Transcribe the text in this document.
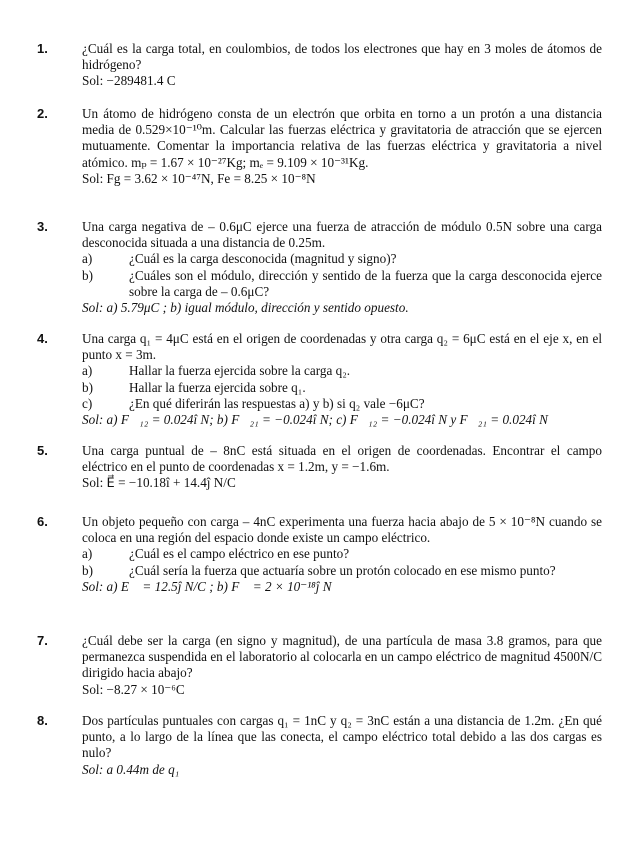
1.	¿Cuál es la carga total, en coulombios, de todos los electrones que hay en 3 moles de átomos de hidrógeno?

Sol: −289481.4 C

2.	Un átomo de hidrógeno consta de un electrón que orbita en torno a un protón a una distancia media de 0.529×10⁻¹⁰m. Calcular las fuerzas eléctrica y gravitatoria de atracción que se ejercen mutuamente. Comentar la importancia relativa de las fuerzas eléctrica y gravitatoria a nivel atómico. mₚ = 1.67 × 10⁻²⁷Kg; mₑ = 9.109 × 10⁻³¹Kg.

Sol: Fg = 3.62 × 10⁻⁴⁷N, Fe = 8.25 × 10⁻⁸N

3.	Una carga negativa de – 0.6μC ejerce una fuerza de atracción de módulo 0.5N sobre una carga desconocida situada a una distancia de 0.25m.

a)	¿Cuál es la carga desconocida (magnitud y signo)?
b)	¿Cuáles son el módulo, dirección y sentido de la fuerza que la carga desconocida ejerce sobre la carga de – 0.6μC?

Sol: a) 5.79μC ; b) igual módulo, dirección y sentido opuesto.

4.	Una carga q₁ = 4μC está en el origen de coordenadas y otra carga q₂ = 6μC está en el eje x, en el punto x = 3m.

a)	Hallar la fuerza ejercida sobre la carga q₂.
b)	Hallar la fuerza ejercida sobre q₁.
c)	¿En qué diferirán las respuestas a) y b) si q₂ vale −6μC?

Sol: a) F⃗₁₂ = 0.024î N; b) F⃗₂₁ = −0.024î N; c) F⃗₁₂ = −0.024î N y F⃗₂₁ = 0.024î N

5.	Una carga puntual de – 8nC está situada en el origen de coordenadas. Encontrar el campo eléctrico en el punto de coordenadas x = 1.2m, y = −1.6m.

Sol: E⃗ = −10.18î + 14.4ĵ N/C

6.	Un objeto pequeño con carga – 4nC experimenta una fuerza hacia abajo de 5 × 10⁻⁸N cuando se coloca en una región del espacio donde existe un campo eléctrico.

a)	¿Cuál es el campo eléctrico en ese punto?
b)	¿Cuál sería la fuerza que actuaría sobre un protón colocado en ese mismo punto?

Sol: a) E⃗ = 12.5ĵ N/C ; b) F⃗ = 2 × 10⁻¹⁸ĵ N

7.	¿Cuál debe ser la carga (en signo y magnitud), de una partícula de masa 3.8 gramos, para que permanezca suspendida en el laboratorio al colocarla en un campo eléctrico de magnitud 4500N/C dirigido hacia abajo?

Sol: −8.27 × 10⁻⁶C

8.	Dos partículas puntuales con cargas q₁ = 1nC y q₂ = 3nC están a una distancia de 1.2m. ¿En qué punto, a lo largo de la línea que las conecta, el campo eléctrico total debido a las dos cargas es nulo?

Sol: a 0.44m de q₁
